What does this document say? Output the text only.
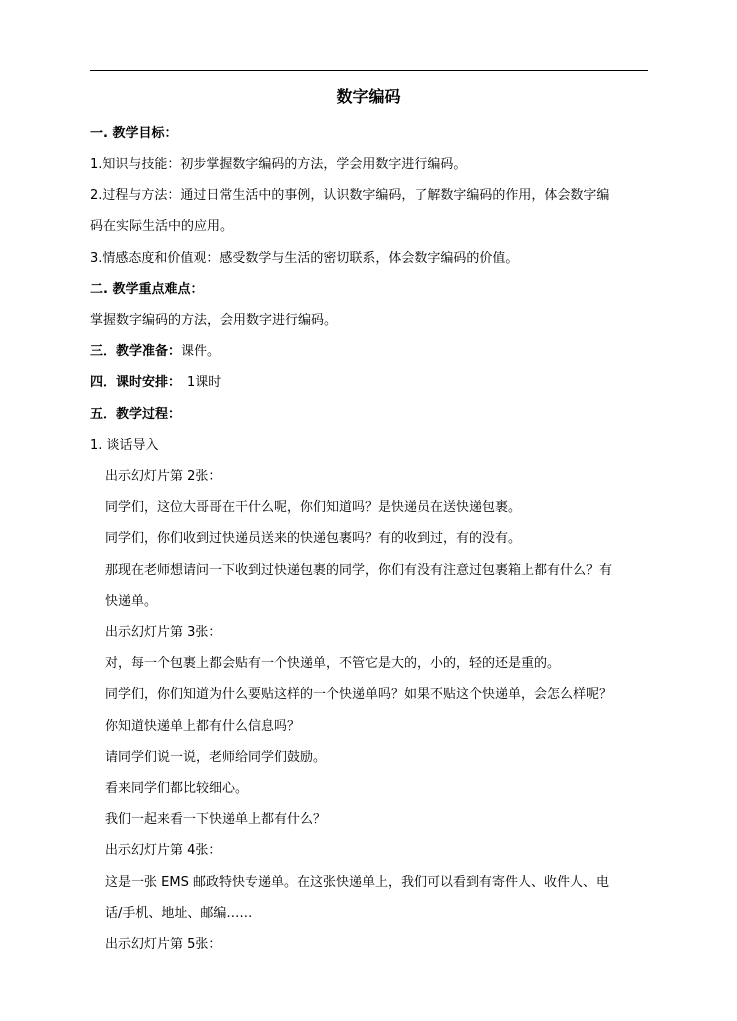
数字编码
一. 教学目标：
1.知识与技能：初步掌握数字编码的方法，学会用数字进行编码。
2.过程与方法：通过日常生活中的事例，认识数字编码，了解数字编码的作用，体会数字编
码在实际生活中的应用。
3.情感态度和价值观：感受数学与生活的密切联系，体会数字编码的价值。
二. 教学重点难点：
掌握数字编码的方法，会用数字进行编码。
三．教学准备：课件。
四．课时安排： 1课时
五．教学过程：
1. 谈话导入
出示幻灯片第 2张：
同学们，这位大哥哥在干什么呢，你们知道吗？是快递员在送快递包裹。
同学们，你们收到过快递员送来的快递包裹吗？有的收到过，有的没有。
那现在老师想请问一下收到过快递包裹的同学，你们有没有注意过包裹箱上都有什么？有
快递单。
出示幻灯片第 3张：
对，每一个包裹上都会贴有一个快递单，不管它是大的，小的，轻的还是重的。
同学们，你们知道为什么要贴这样的一个快递单吗？如果不贴这个快递单，会怎么样呢？
你知道快递单上都有什么信息吗？
请同学们说一说，老师给同学们鼓励。
看来同学们都比较细心。
我们一起来看一下快递单上都有什么？
出示幻灯片第 4张：
这是一张 EMS 邮政特快专递单。在这张快递单上，我们可以看到有寄件人、收件人、电
话/手机、地址、邮编……
出示幻灯片第 5张：
